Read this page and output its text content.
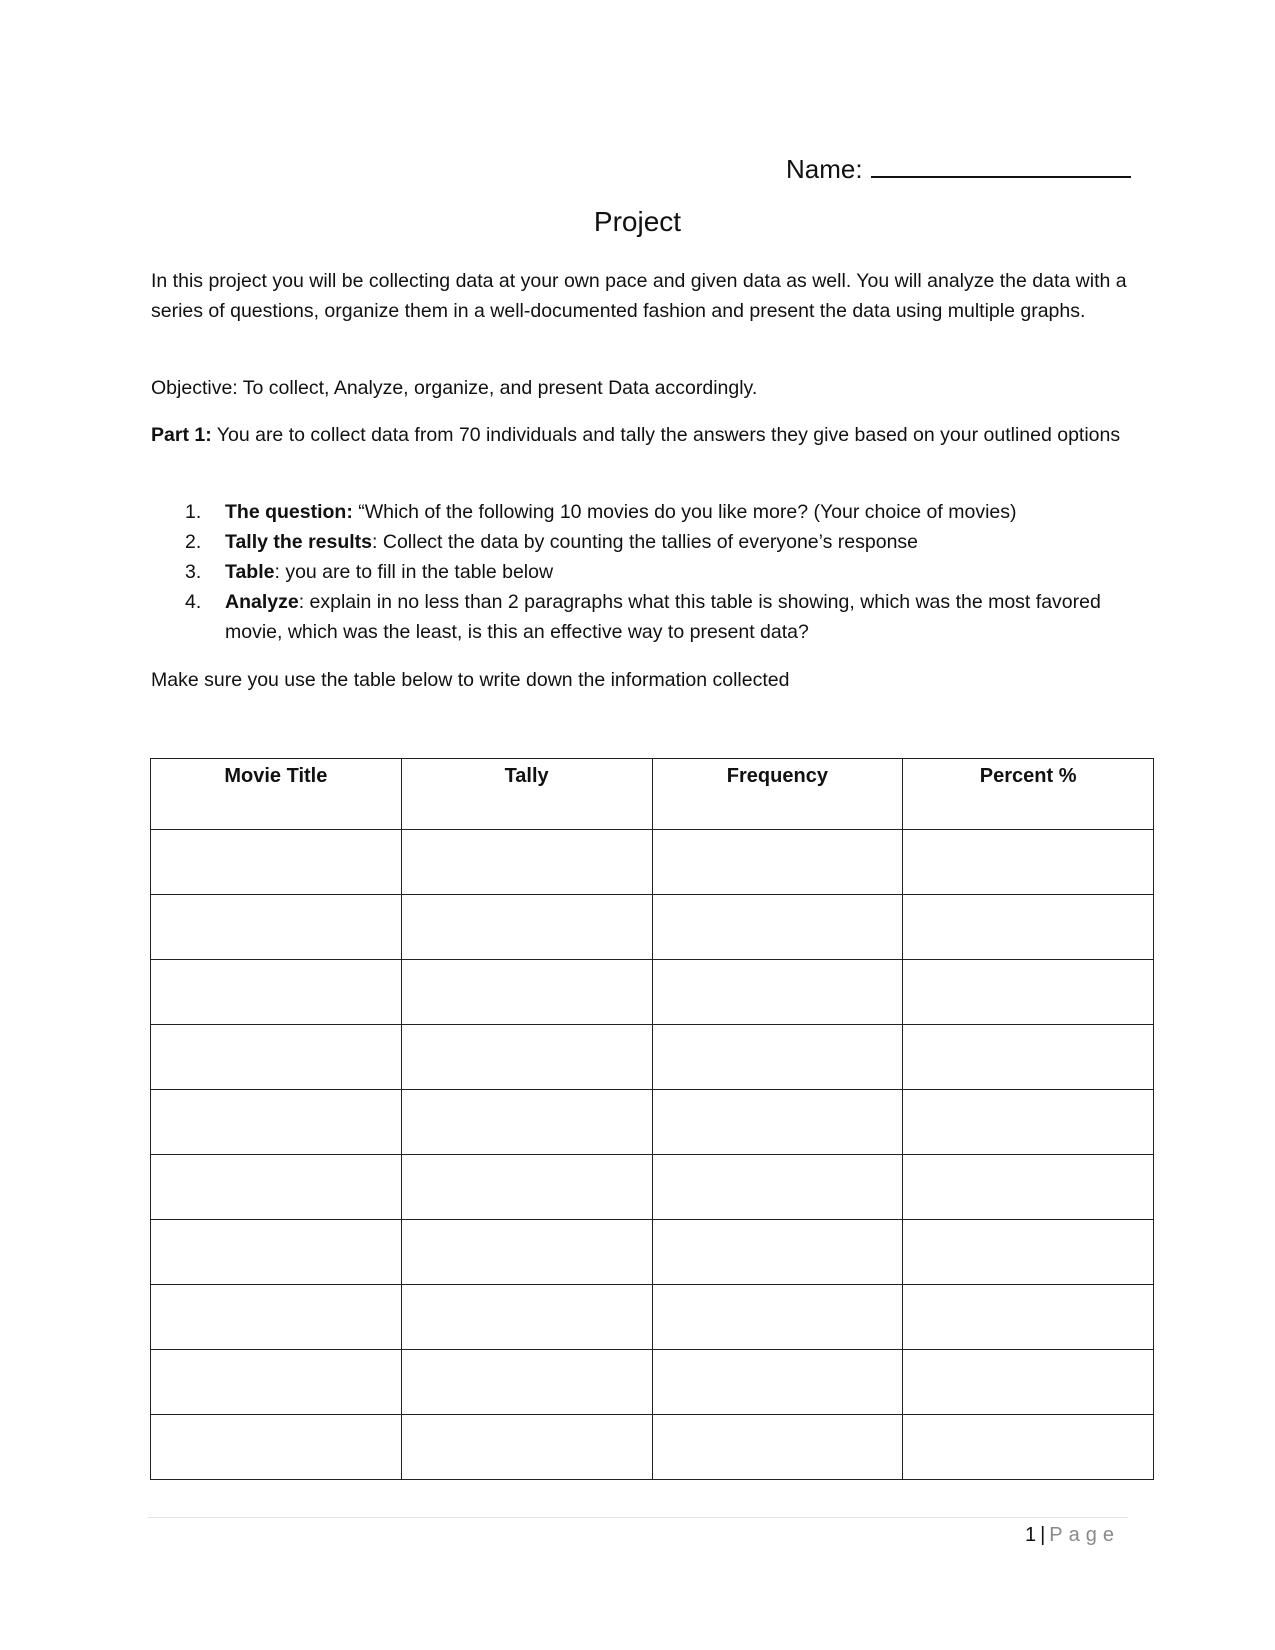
Name:
Project
In this project you will be collecting data at your own pace and given data as well. You will analyze the data with a series of questions, organize them in a well-documented fashion and present the data using multiple graphs.
Objective: To collect, Analyze, organize, and present Data accordingly.
Part 1: You are to collect data from 70 individuals and tally the answers they give based on your outlined options
1.	The question: “Which of the following 10 movies do you like more? (Your choice of movies)
2.	Tally the results: Collect the data by counting the tallies of everyone’s response
3.	Table: you are to fill in the table below
4.	Analyze: explain in no less than 2 paragraphs what this table is showing, which was the most favored movie, which was the least, is this an effective way to present data?
Make sure you use the table below to write down the information collected
Movie Title	Tally	Frequency	Percent %

1 | Page
